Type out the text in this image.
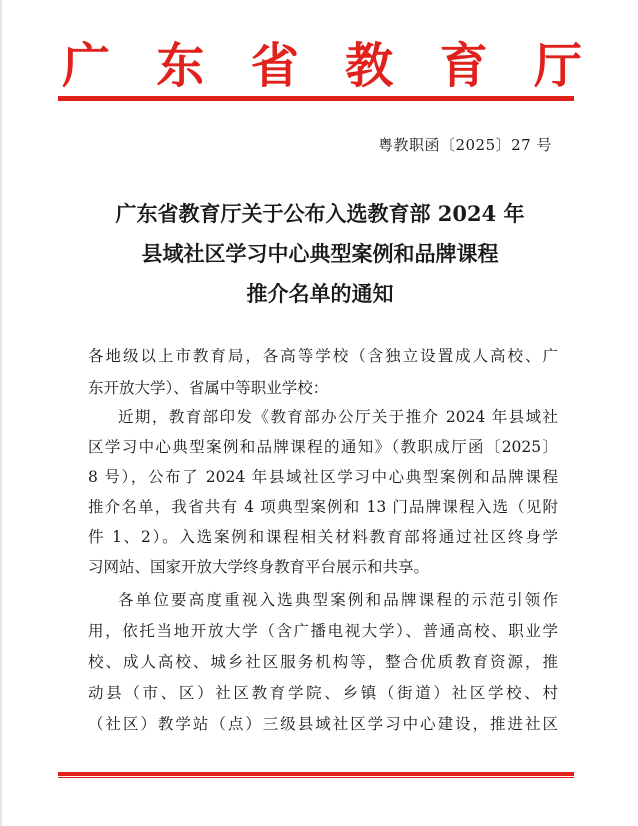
广 东 省 教 育 厅
粤教职函〔2025〕27 号
广东省教育厅关于公布入选教育部 2024 年
县域社区学习中心典型案例和品牌课程
推介名单的通知
各地级以上市教育局，各高等学校（含独立设置成人高校、广
东开放大学）、省属中等职业学校：
近期，教育部印发《教育部办公厅关于推介 2024 年县域社
区学习中心典型案例和品牌课程的通知》（教职成厅函〔2025〕
8 号），公布了 2024 年县域社区学习中心典型案例和品牌课程
推介名单，我省共有 4 项典型案例和 13 门品牌课程入选（见附
件 1、2）。入选案例和课程相关材料教育部将通过社区终身学
习网站、国家开放大学终身教育平台展示和共享。
各单位要高度重视入选典型案例和品牌课程的示范引领作
用，依托当地开放大学（含广播电视大学）、普通高校、职业学
校、成人高校、城乡社区服务机构等，整合优质教育资源，推
动县（市、区）社区教育学院、乡镇（街道）社区学校、村
（社区）教学站（点）三级县域社区学习中心建设，推进社区
